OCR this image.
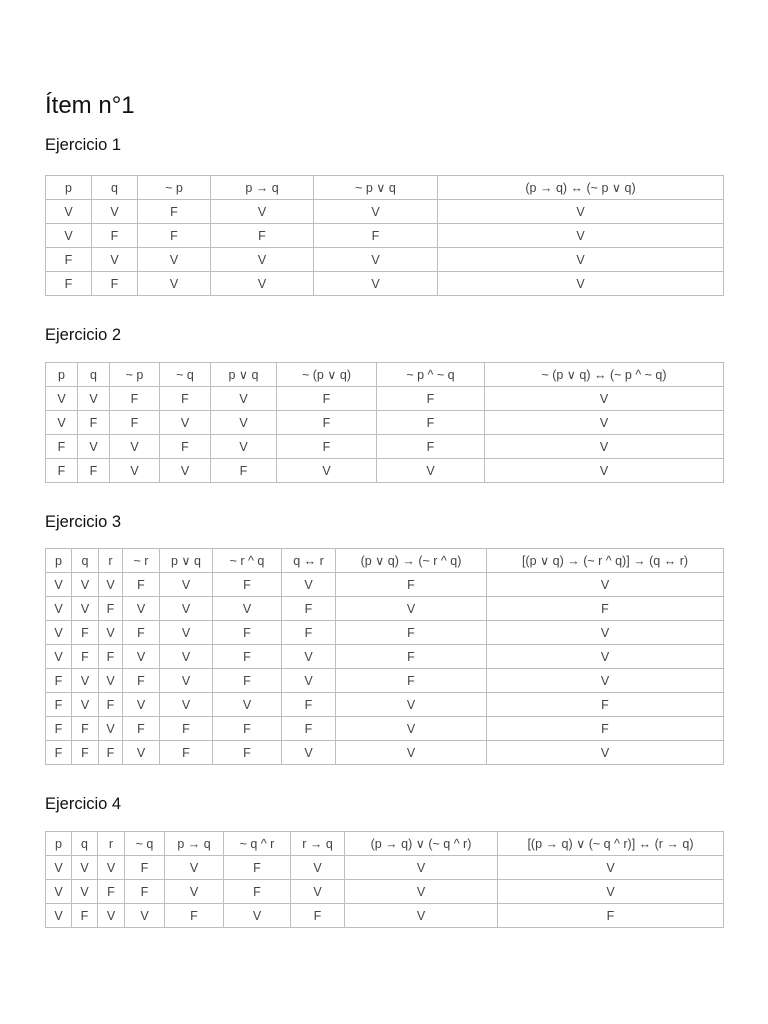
Ítem n°1
Ejercicio 1
p	q	~ p	p → q	~ p ∨ q	(p → q) ↔ (~ p ∨ q)
V	V	F	V	V	V
V	F	F	F	F	V
F	V	V	V	V	V
F	F	V	V	V	V
Ejercicio 2
p	q	~ p	~ q	p ∨ q	~ (p ∨ q)	~ p ^ ~ q	~ (p ∨ q) ↔ (~ p ^ ~ q)
V	V	F	F	V	F	F	V
V	F	F	V	V	F	F	V
F	V	V	F	V	F	F	V
F	F	V	V	F	V	V	V
Ejercicio 3
p	q	r	~ r	p ∨ q	~ r ^ q	q ↔ r	(p ∨ q) → (~ r ^ q)	[(p ∨ q) → (~ r ^ q)] → (q ↔ r)
V	V	V	F	V	F	V	F	V
V	V	F	V	V	V	F	V	F
V	F	V	F	V	F	F	F	V
V	F	F	V	V	F	V	F	V
F	V	V	F	V	F	V	F	V
F	V	F	V	V	V	F	V	F
F	F	V	F	F	F	F	V	F
F	F	F	V	F	F	V	V	V
Ejercicio 4
p	q	r	~ q	p → q	~ q ^ r	r → q	(p → q) ∨ (~ q ^ r)	[(p → q) ∨ (~ q ^ r)] ↔ (r → q)
V	V	V	F	V	F	V	V	V
V	V	F	F	V	F	V	V	V
V	F	V	V	F	V	F	V	F
